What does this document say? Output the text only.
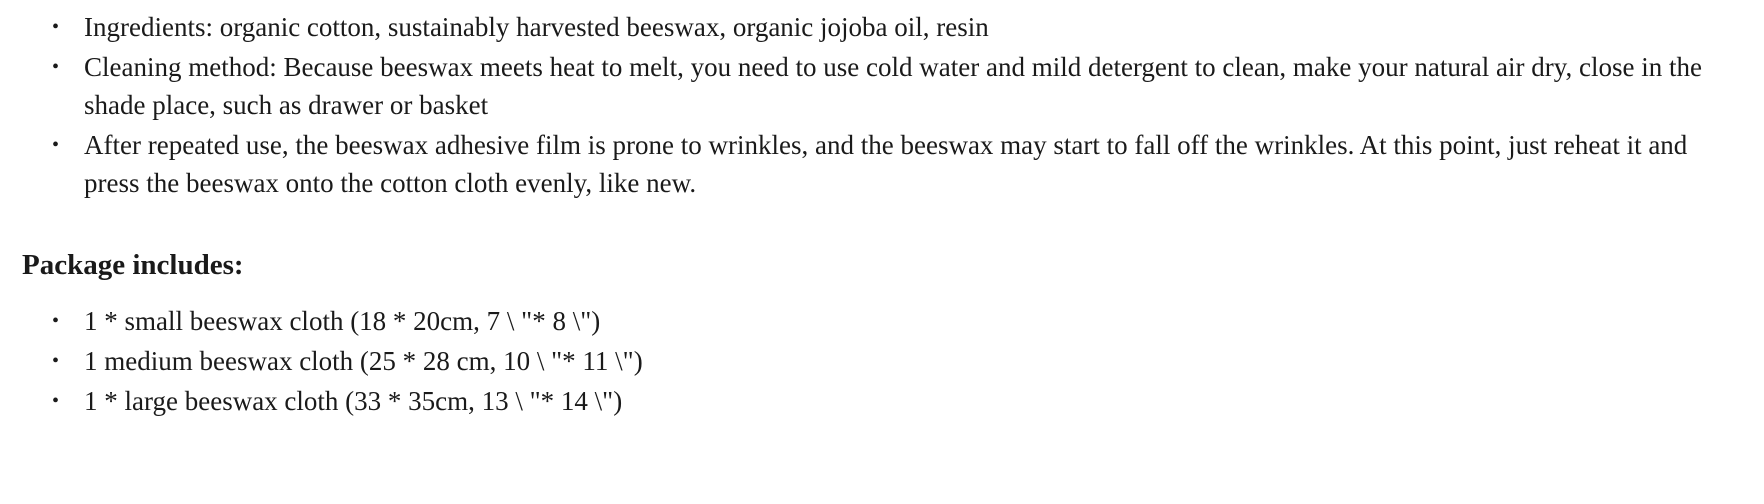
• Ingredients: organic cotton, sustainably harvested beeswax, organic jojoba oil, resin
• Cleaning method: Because beeswax meets heat to melt, you need to use cold water and mild detergent to clean, make your natural air dry, close in the shade place, such as drawer or basket
• After repeated use, the beeswax adhesive film is prone to wrinkles, and the beeswax may start to fall off the wrinkles. At this point, just reheat it and press the beeswax onto the cotton cloth evenly, like new.
Package includes:
• 1 * small beeswax cloth (18 * 20cm, 7 \ "* 8 \")
• 1 medium beeswax cloth (25 * 28 cm, 10 \ "* 11 \")
• 1 * large beeswax cloth (33 * 35cm, 13 \ "* 14 \")
